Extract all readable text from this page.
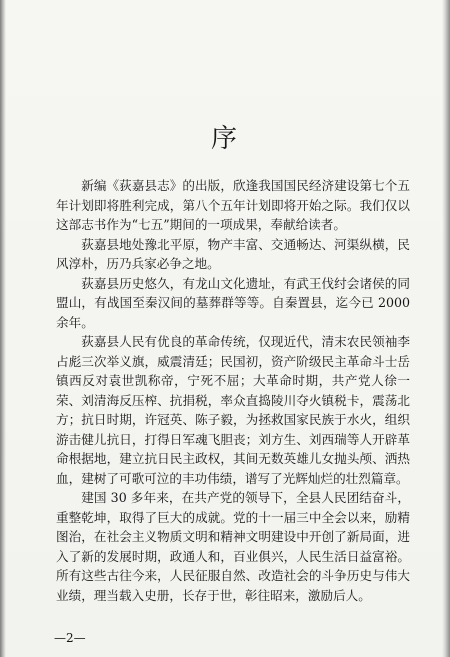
序

新编《荻嘉县志》的出版，欣逢我国国民经济建设第七个五年计划即将胜利完成，第八个五年计划即将开始之际。我们仅以这部志书作为“七五”期间的一项成果，奉献给读者。

荻嘉县地处豫北平原，物产丰富、交通畅达、河渠纵横，民风淳朴，历乃兵家必争之地。

荻嘉县历史悠久，有龙山文化遗址，有武王伐纣会诸侯的同盟山，有战国至秦汉间的墓葬群等等。自秦置县，迄今已 2000 余年。

荻嘉县人民有优良的革命传统，仅现近代，清末农民领袖李占彪三次举义旗，威震清廷；民国初，资产阶级民主革命斗士岳镇西反对袁世凯称帝，宁死不屈；大革命时期，共产党人徐一荣、刘清海反压榨、抗捐税，率众直捣陵川夺火镇税卡，震荡北方；抗日时期，许冠英、陈子毅，为拯救国家民族于水火，组织游击健儿抗日，打得日军魂飞胆丧；刘方生、刘西瑞等人开辟革命根据地，建立抗日民主政权，其间无数英雄儿女抛头颅、洒热血，建树了可歌可泣的丰功伟绩，谱写了光辉灿烂的壮烈篇章。

建国 30 多年来，在共产党的领导下，全县人民团结奋斗，重整乾坤，取得了巨大的成就。党的十一届三中全会以来，励精图治，在社会主义物质文明和精神文明建设中开创了新局面，进入了新的发展时期，政通人和，百业俱兴，人民生活日益富裕。所有这些古往今来，人民征服自然、改造社会的斗争历史与伟大业绩，理当载入史册，长存于世，彰往昭来，激励后人。

—2—
